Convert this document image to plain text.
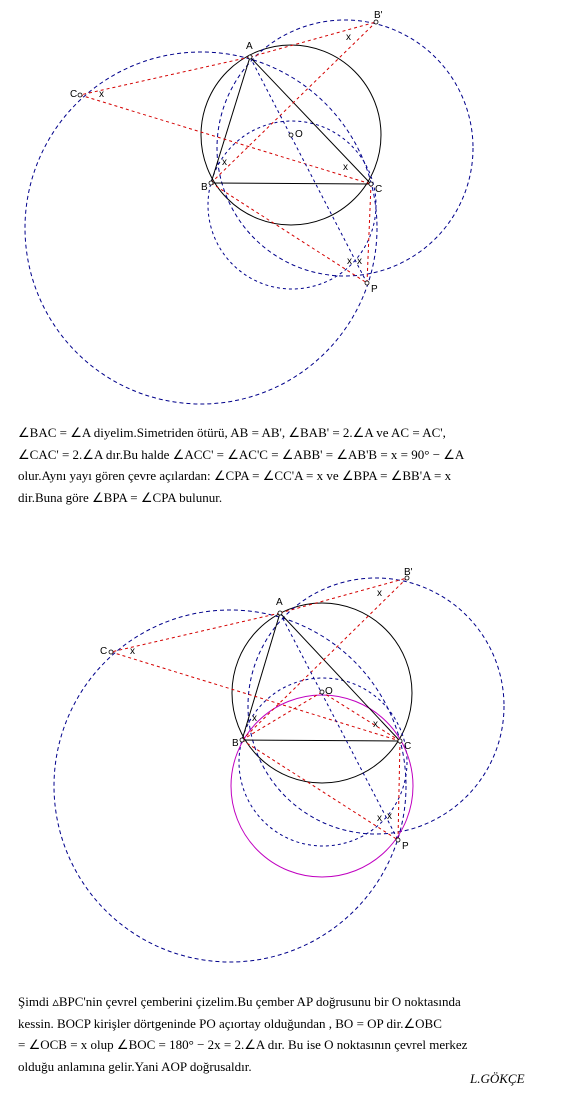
A
B	C
O
P
B'
C
x
x
x	x
x x
A
B	C
O
P
B'
C
x
x
x
x
x x
∠BAC = ∠A diyelim.Simetriden ötürü, AB = AB', ∠BAB' = 2.∠A ve AC = AC',
∠CAC' = 2.∠A dır.Bu halde ∠ACC' = ∠AC'C = ∠ABB' = ∠AB'B = x = 90° − ∠A
olur.Aynı yayı gören çevre açılardan: ∠CPA = ∠CC'A = x ve ∠BPA = ∠BB'A = x
dir.Buna göre ∠BPA = ∠CPA bulunur.
Şimdi ▵BPC'nin çevrel çemberini çizelim.Bu çember AP doğrusunu bir O noktasında
kessin. BOCP kirişler dörtgeninde PO açıortay olduğundan , BO = OP dir.∠OBC
= ∠OCB = x olup ∠BOC = 180° − 2x = 2.∠A dır. Bu ise O noktasının çevrel merkez
olduğu anlamına gelir.Yani AOP doğrusaldır.
L.GÖKÇE
